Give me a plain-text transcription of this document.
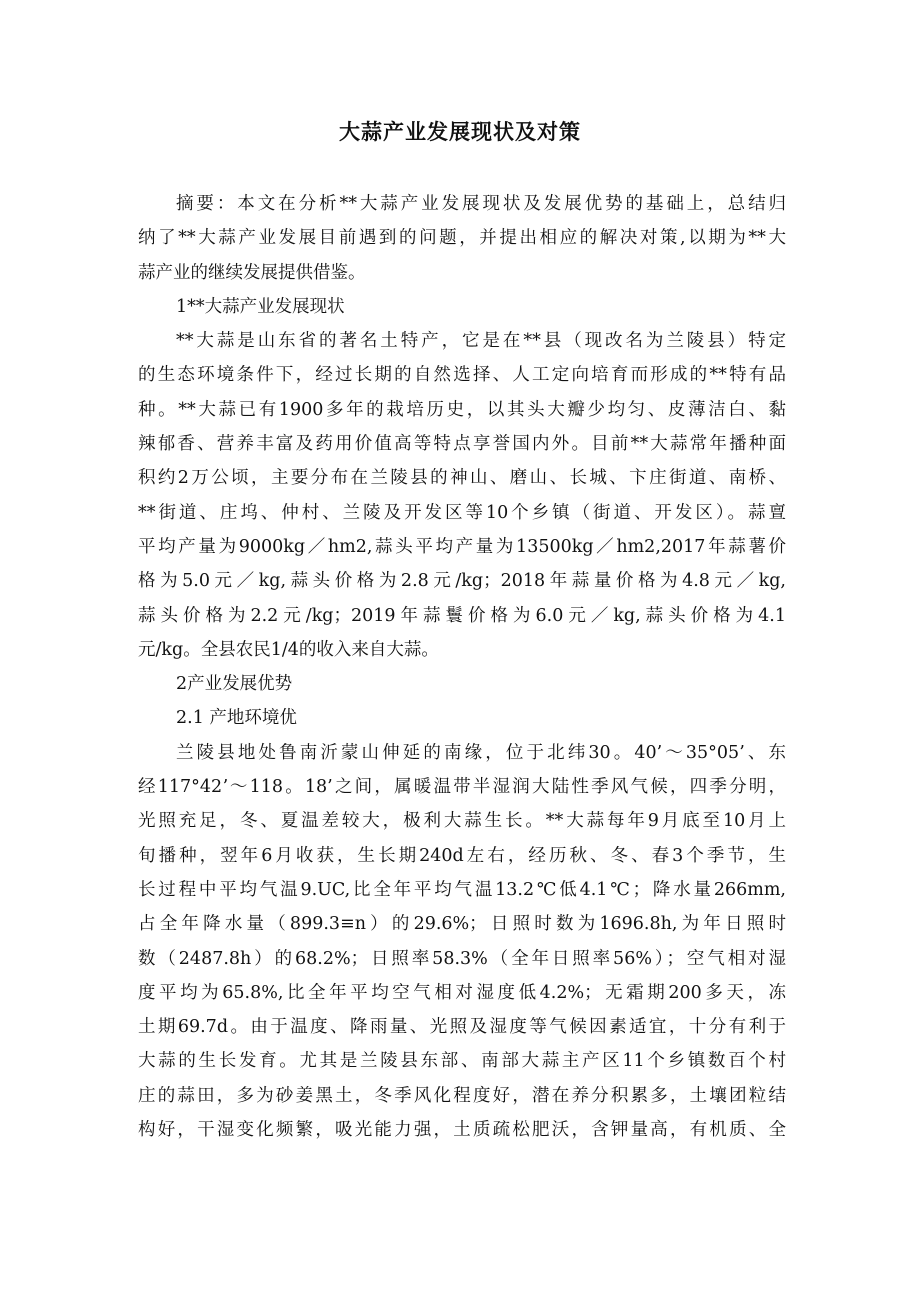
大蒜产业发展现状及对策
摘要：本文在分析**大蒜产业发展现状及发展优势的基础上，总结归
纳了**大蒜产业发展目前遇到的问题，并提出相应的解决对策,以期为**大
蒜产业的继续发展提供借鉴。
1**大蒜产业发展现状
**大蒜是山东省的著名土特产，它是在**县（现改名为兰陵县）特定
的生态环境条件下，经过长期的自然选择、人工定向培育而形成的**特有品
种。**大蒜已有1900多年的栽培历史，以其头大瓣少均匀、皮薄洁白、黏
辣郁香、营养丰富及药用价值高等特点享誉国内外。目前**大蒜常年播种面
积约2万公顷，主要分布在兰陵县的神山、磨山、长城、卞庄街道、南桥、
**街道、庄坞、仲村、兰陵及开发区等10个乡镇（街道、开发区）。蒜亶
平均产量为9000kg／hm2,蒜头平均产量为13500kg／hm2,2017年蒜薯价
格为5.0元／kg,蒜头价格为2.8元/kg；2018年蒜量价格为4.8元／kg,
蒜头价格为2.2元/kg；2019年蒜鬟价格为6.0元／kg,蒜头价格为4.1
元/kg。全县农民1/4的收入来自大蒜。
2产业发展优势
2.1 产地环境优
兰陵县地处鲁南沂蒙山伸延的南缘，位于北纬30。40’～35°05’、东
经117°42ʼ～118。18’之间，属暖温带半湿润大陆性季风气候，四季分明，
光照充足，冬、夏温差较大，极利大蒜生长。**大蒜每年9月底至10月上
旬播种，翌年6月收获，生长期240d左右，经历秋、冬、春3个季节，生
长过程中平均气温9.UC,比全年平均气温13.2℃低4.1℃；降水量266mm,
占全年降水量（899.3≡n）的29.6%；日照时数为1696.8h,为年日照时
数（2487.8h）的68.2%；日照率58.3%（全年日照率56%）；空气相对湿
度平均为65.8%,比全年平均空气相对湿度低4.2%；无霜期200多天，冻
土期69.7d。由于温度、降雨量、光照及湿度等气候因素适宜，十分有利于
大蒜的生长发育。尤其是兰陵县东部、南部大蒜主产区11个乡镇数百个村
庄的蒜田，多为砂姜黑土，冬季风化程度好，潜在养分积累多，土壤团粒结
构好，干湿变化频繁，吸光能力强，土质疏松肥沃，含钾量高，有机质、全
